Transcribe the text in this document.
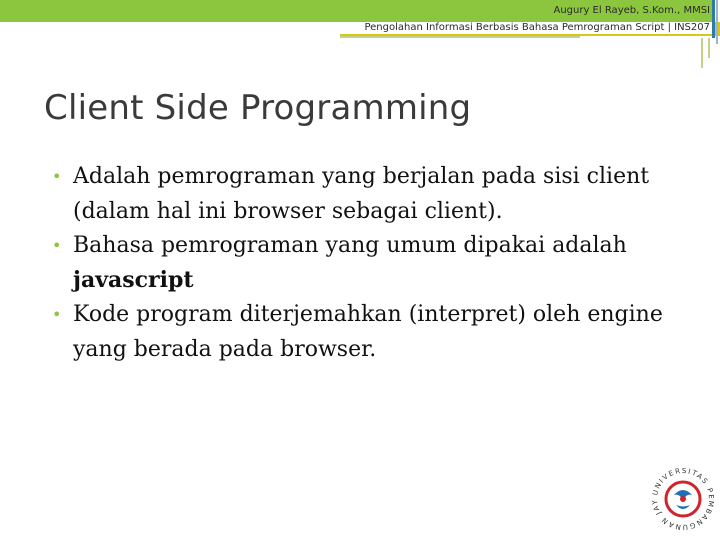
Augury El Rayeb, S.Kom., MMSI
Pengolahan Informasi Berbasis Bahasa Pemrograman Script | INS207
Client Side Programming
• Adalah pemrograman yang berjalan pada sisi client (dalam hal ini browser sebagai client).
• Bahasa pemrograman yang umum dipakai adalah javascript
• Kode program diterjemahkan (interpret) oleh engine yang berada pada browser.
UNIVERSITAS PEMBANGUNAN JAY
